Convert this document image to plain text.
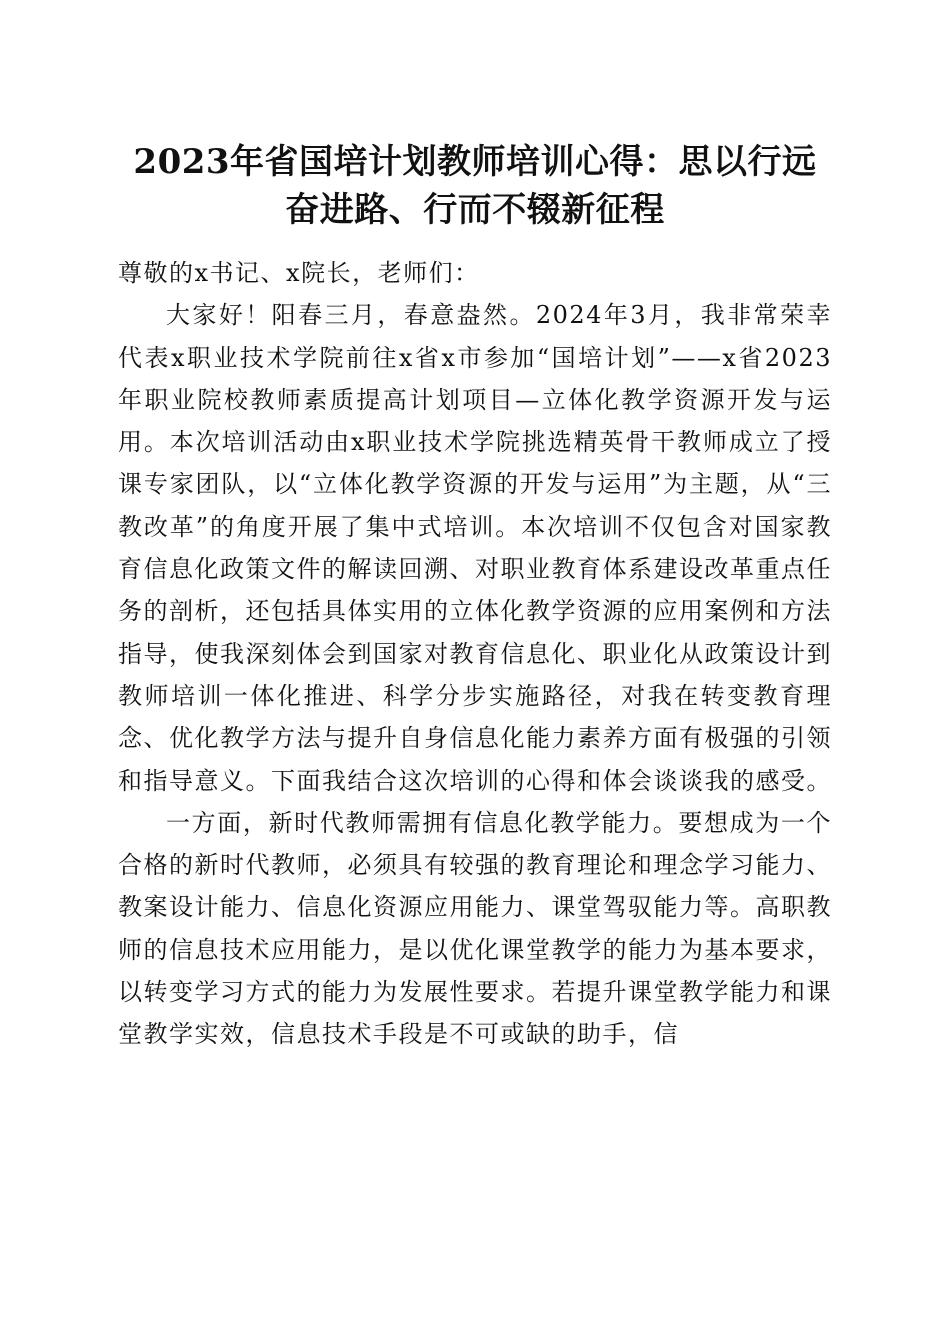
2023年省国培计划教师培训心得：思以行远
奋进路、行而不辍新征程

尊敬的x书记、x院长，老师们：

大家好！阳春三月，春意盎然。2024年3月，我非常荣幸代表x职业技术学院前往x省x市参加“国培计划”——x省2023年职业院校教师素质提高计划项目—立体化教学资源开发与运用。本次培训活动由x职业技术学院挑选精英骨干教师成立了授课专家团队，以“立体化教学资源的开发与运用”为主题，从“三教改革”的角度开展了集中式培训。本次培训不仅包含对国家教育信息化政策文件的解读回溯、对职业教育体系建设改革重点任务的剖析，还包括具体实用的立体化教学资源的应用案例和方法指导，使我深刻体会到国家对教育信息化、职业化从政策设计到教师培训一体化推进、科学分步实施路径，对我在转变教育理念、优化教学方法与提升自身信息化能力素养方面有极强的引领和指导意义。下面我结合这次培训的心得和体会谈谈我的感受。

一方面，新时代教师需拥有信息化教学能力。要想成为一个合格的新时代教师，必须具有较强的教育理论和理念学习能力、教案设计能力、信息化资源应用能力、课堂驾驭能力等。高职教师的信息技术应用能力，是以优化课堂教学的能力为基本要求，以转变学习方式的能力为发展性要求。若提升课堂教学能力和课堂教学实效，信息技术手段是不可或缺的助手，信
